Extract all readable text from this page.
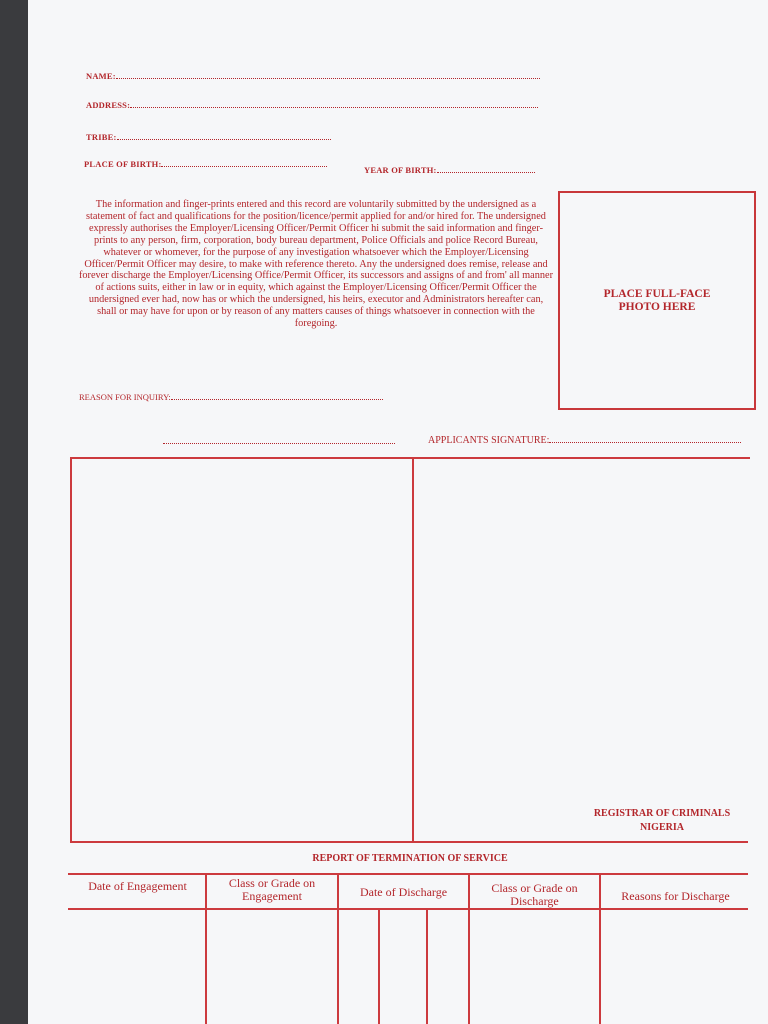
NAME:
ADDRESS:
TRIBE:
PLACE OF BIRTH:
YEAR OF BIRTH:
The information and finger-prints entered and this record are voluntarily submitted by the undersigned as a statement of fact and qualifications for the position/licence/permit applied for and/or hired for. The undersigned expressly authorises the Employer/Licensing Officer/Permit Officer hi submit the said information and finger-prints to any person, firm, corporation, body bureau department, Police Officials and police Record Bureau, whatever or whomever, for the purpose of any investigation whatsoever which the Employer/Licensing Officer/Permit Officer may desire, to make with reference thereto. Any the undersigned does remise, release and forever discharge the Employer/Licensing Office/Permit Officer, its successors and assigns of and from' all manner of actions suits, either in law or in equity, which against the Employer/Licensing Officer/Permit Officer the undersigned ever had, now has or which the undersigned, his heirs, executor and Administrators hereafter can, shall or may have for upon or by reason of any matters causes of things whatsoever in connection with the foregoing.
PLACE FULL-FACE PHOTO HERE
REASON FOR INQUIRY:
APPLICANTS SIGNATURE:
REGISTRAR OF CRIMINALS
NIGERIA
REPORT OF TERMINATION OF SERVICE
Date of Engagement	Class or Grade on Engagement	Date of Discharge	Class or Grade on Discharge	Reasons for Discharge
